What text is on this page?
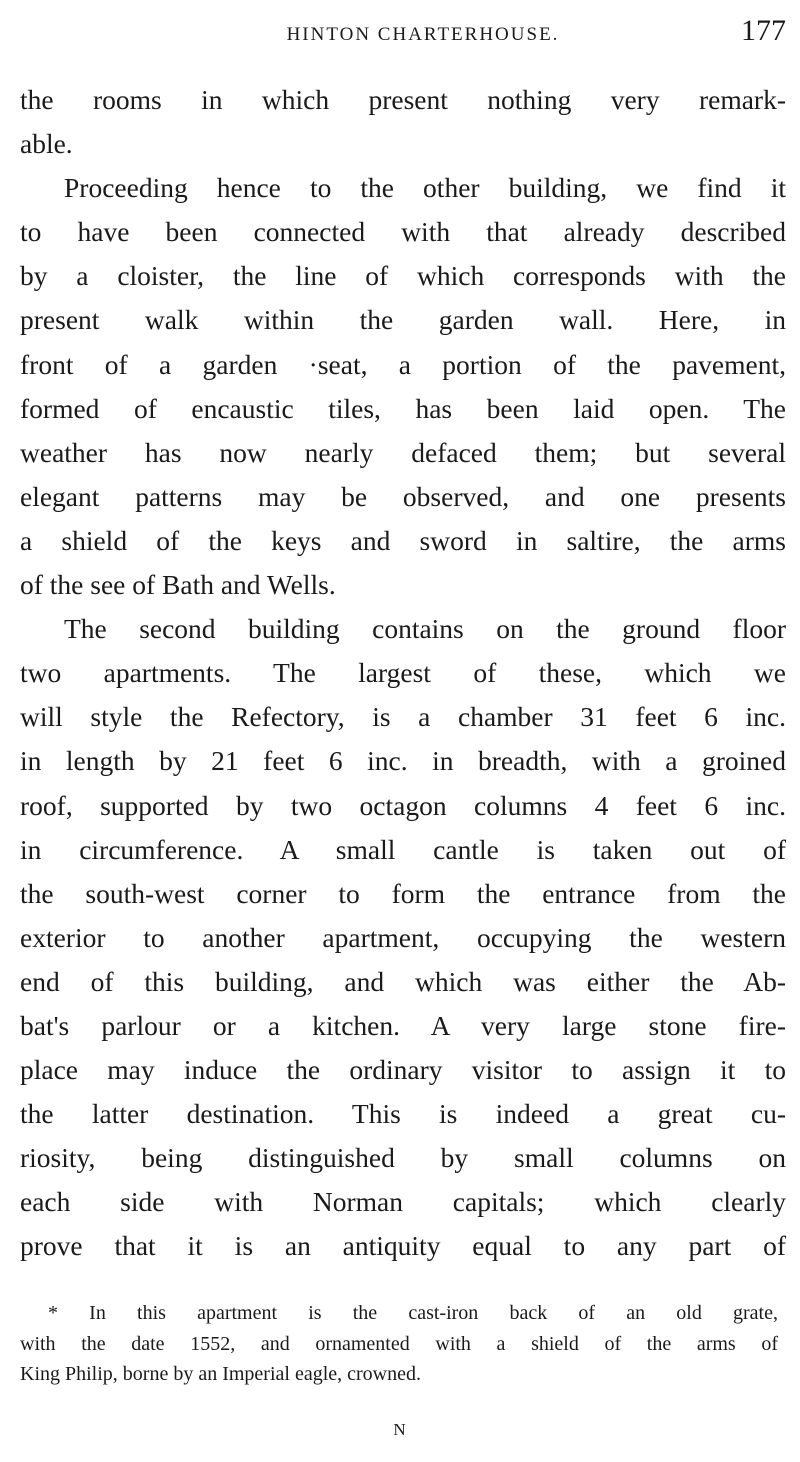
HINTON CHARTERHOUSE.	177
the rooms in which present nothing very remark-
able.
Proceeding hence to the other building, we find it
to have been connected with that already described
by a cloister, the line of which corresponds with the
present walk within the garden wall. Here, in
front of a garden ·seat, a portion of the pavement,
formed of encaustic tiles, has been laid open. The
weather has now nearly defaced them; but several
elegant patterns may be observed, and one presents
a shield of the keys and sword in saltire, the arms
of the see of Bath and Wells.
The second building contains on the ground floor
two apartments. The largest of these, which we
will style the Refectory, is a chamber 31 feet 6 inc.
in length by 21 feet 6 inc. in breadth, with a groined
roof, supported by two octagon columns 4 feet 6 inc.
in circumference. A small cantle is taken out of
the south-west corner to form the entrance from the
exterior to another apartment, occupying the western
end of this building, and which was either the Ab-
bat's parlour or a kitchen. A very large stone fire-
place may induce the ordinary visitor to assign it to
the latter destination. This is indeed a great cu-
riosity, being distinguished by small columns on
each side with Norman capitals; which clearly
prove that it is an antiquity equal to any part of
* In this apartment is the cast-iron back of an old grate,
with the date 1552, and ornamented with a shield of the arms of
King Philip, borne by an Imperial eagle, crowned.
N
